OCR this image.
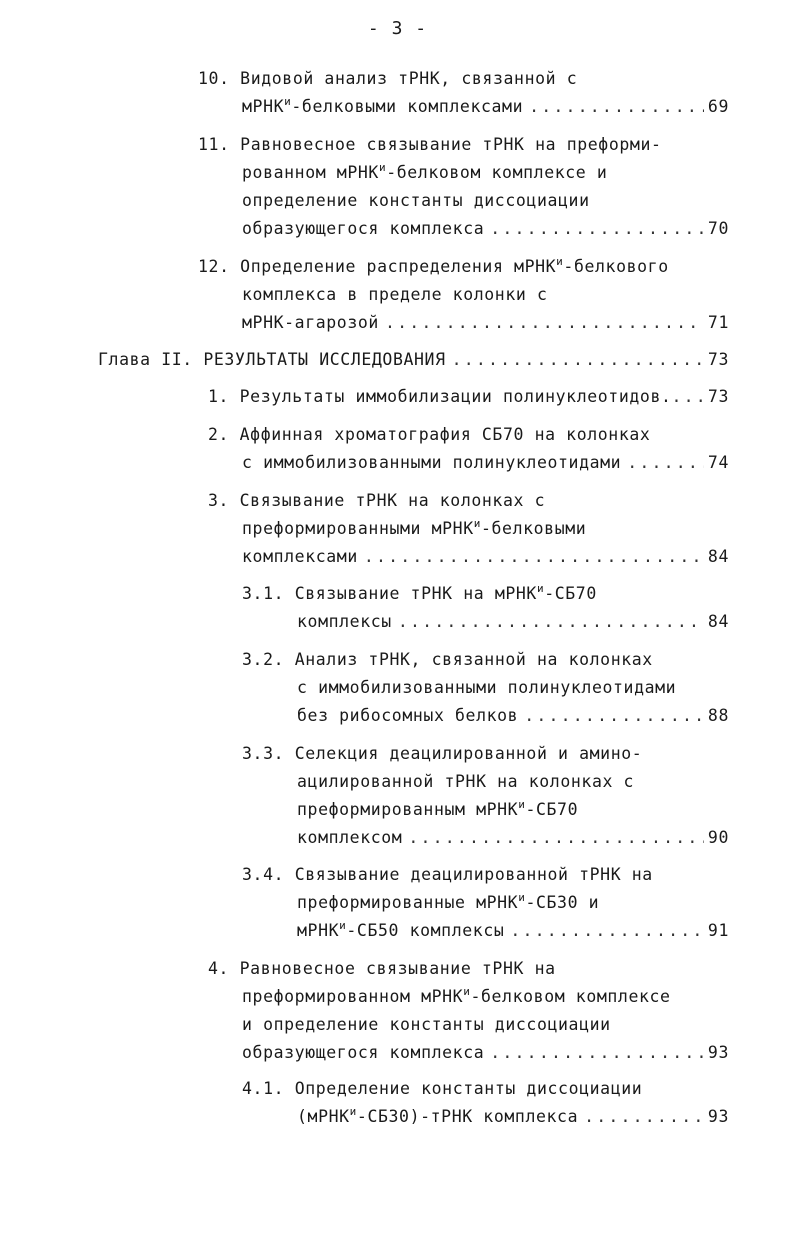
- 3 -
10. Видовой анализ тРНК, связанной с
мРНК$^и$-белковыми комплексами .....	69
11. Равновесное связывание тРНК на преформи-
рованном мРНК$^и$-белковом комплексе и
определение константы диссоциации
образующегося комплекса .....	70
12. Определение распределения мРНК$^и$-белкового
комплекса в пределе колонки с
мРНК-агарозой .....	71
Глава II. РЕЗУЛЬТАТЫ ИССЛЕДОВАНИЯ .....	73
1. Результаты иммобилизации полинуклеотидов. ..... 73
2. Аффинная хроматография СБ70 на колонках
с иммобилизованными полинуклеотидами .....	74
3. Связывание тРНК на колонках с
преформированными мРНК$^и$-белковыми
комплексами .....	84
3.1. Связывание тРНК на мРНК$^и$-СБ70
комплексы .....	84
3.2. Анализ тРНК, связанной на колонках
с иммобилизованными полинуклеотидами
без рибосомных белков .....	88
3.3. Селекция деацилированной и амино-
ацилированной тРНК на колонках с
преформированным мРНК$^и$-СБ70
комплексом .....	90
3.4. Связывание деацилированной тРНК на
преформированные мРНК$^и$-СБ30 и
мРНК$^и$-СБ50 комплексы .....	91
4. Равновесное связывание тРНК на
преформированном мРНК$^и$-белковом комплексе
и определение константы диссоциации
образующегося комплекса .....	93
4.1. Определение константы диссоциации
(мРНК$^и$-СБ30)-тРНК комплекса .....	93
